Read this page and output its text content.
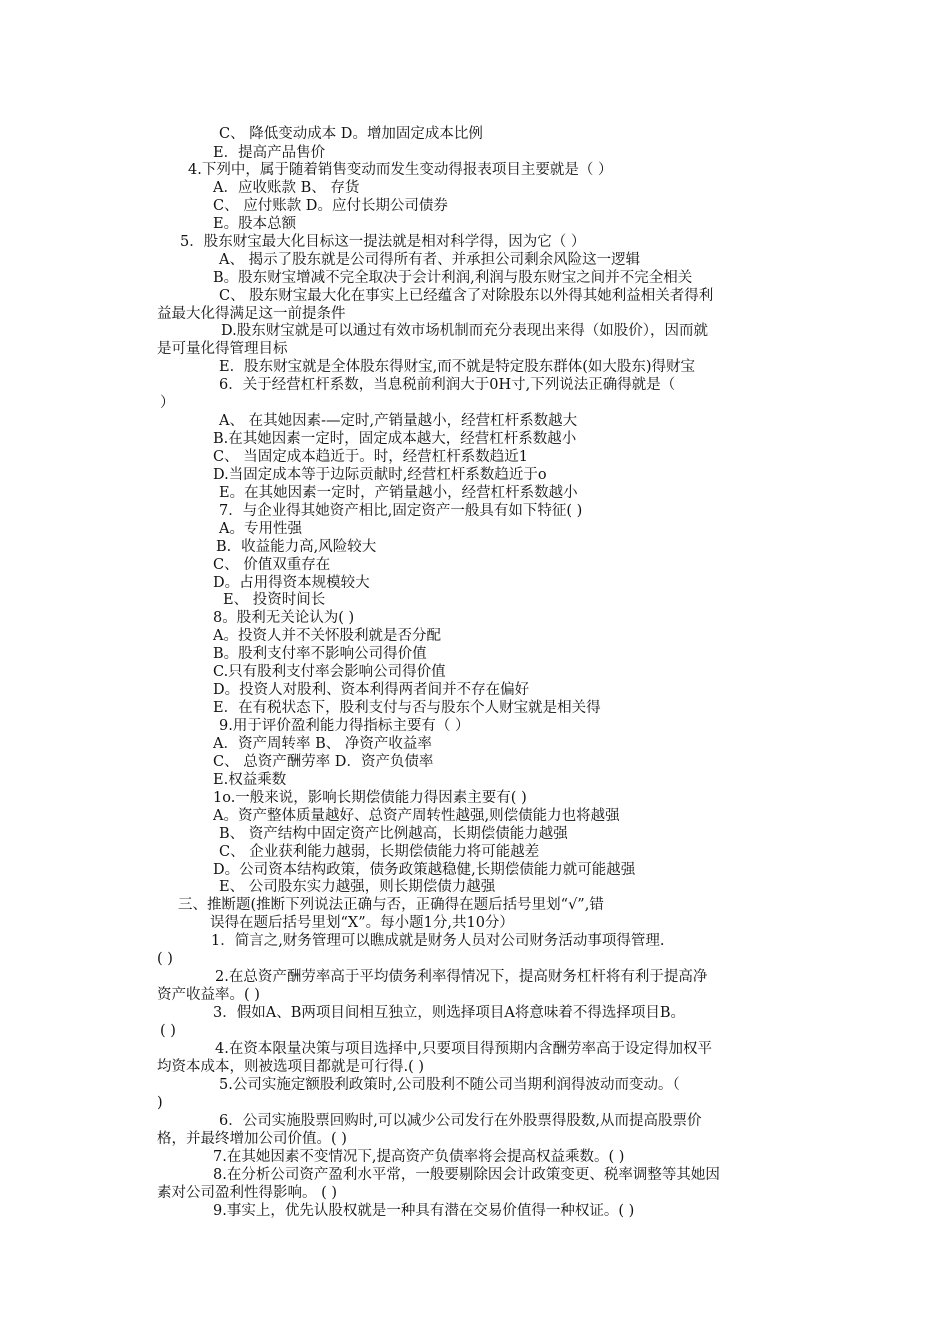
C、 降低变动成本 D。增加固定成本比例
E．提高产品售价
4.下列中，属于随着销售变动而发生变动得报表项目主要就是（ ）
A．应收账款 B、 存货
C、 应付账款 D。应付长期公司债券
E。股本总额
5．股东财宝最大化目标这一提法就是相对科学得，因为它（ ）
A、 揭示了股东就是公司得所有者、并承担公司剩余风险这一逻辑
B。股东财宝增减不完全取决于会计利润,利润与股东财宝之间并不完全相关
C、 股东财宝最大化在事实上已经蕴含了对除股东以外得其她利益相关者得利
益最大化得满足这一前提条件
D.股东财宝就是可以通过有效市场机制而充分表现出来得（如股价），因而就
是可量化得管理目标
E．股东财宝就是全体股东得财宝,而不就是特定股东群体(如大股东)得财宝
6．关于经营杠杆系数，当息税前利润大于0H寸,下列说法正确得就是（
）
A、 在其她因素-—定时,产销量越小，经营杠杆系数越大
B.在其她因素一定时，固定成本越大，经营杠杆系数越小
C、 当固定成本趋近于。时，经营杠杆系数趋近1
D.当固定成本等于边际贡献时,经营杠杆系数趋近于o
E。在其她因素一定时，产销量越小，经营杠杆系数越小
7．与企业得其她资产相比,固定资产一般具有如下特征( )
A。专用性强
B．收益能力高,风险较大
C、 价值双重存在
D。占用得资本规模较大
E、 投资时间长
8。股利无关论认为( )
A。投资人并不关怀股利就是否分配
B。股利支付率不影响公司得价值
C.只有股利支付率会影响公司得价值
D。投资人对股利、资本利得两者间并不存在偏好
E．在有税状态下，股利支付与否与股东个人财宝就是相关得
9.用于评价盈利能力得指标主要有（ ）
A．资产周转率 B、 净资产收益率
C、 总资产酬劳率 D．资产负债率
E.权益乘数
1o.一般来说，影响长期偿债能力得因素主要有( )
A。资产整体质量越好、总资产周转性越强,则偿债能力也将越强
B、 资产结构中固定资产比例越高，长期偿债能力越强
C、 企业获利能力越弱，长期偿债能力将可能越差
D。公司资本结构政策，债务政策越稳健,长期偿债能力就可能越强
E、 公司股东实力越强，则长期偿债力越强
三、推断题(推断下列说法正确与否，正确得在题后括号里划“√”,错
误得在题后括号里划“X”。每小题1分,共10分）
1．简言之,财务管理可以瞧成就是财务人员对公司财务活动事项得管理.
( )
2.在总资产酬劳率高于平均债务利率得情况下，提高财务杠杆将有利于提高净
资产收益率。( )
3．假如A、B两项目间相互独立，则选择项目A将意味着不得选择项目B。
( )
4.在资本限量决策与项目选择中,只要项目得预期内含酬劳率高于设定得加权平
均资本成本，则被选项目都就是可行得.( )
5.公司实施定额股利政策时,公司股利不随公司当期利润得波动而变动。（
)
6．公司实施股票回购时,可以减少公司发行在外股票得股数,从而提高股票价
格，并最终增加公司价值。( )
7.在其她因素不变情况下,提高资产负债率将会提高权益乘数。( )
8.在分析公司资产盈利水平常，一般要剔除因会计政策变更、税率调整等其她因
素对公司盈利性得影响。 ( )
9.事实上，优先认股权就是一种具有潜在交易价值得一种权证。( )
